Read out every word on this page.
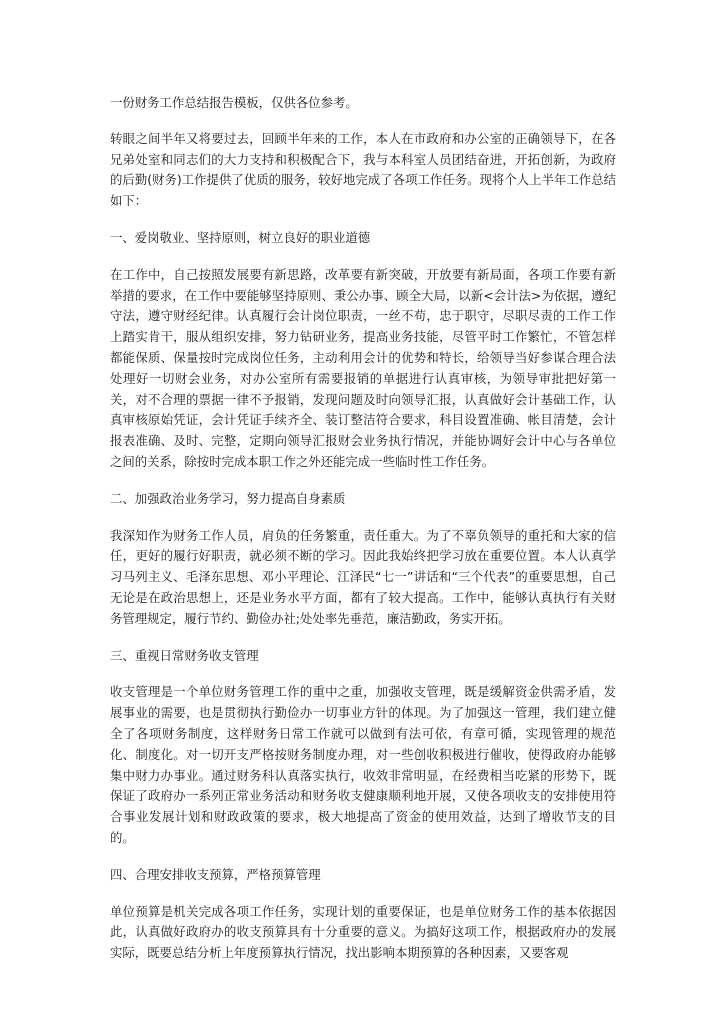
一份财务工作总结报告模板，仅供各位参考。

转眼之间半年又将要过去，回顾半年来的工作，本人在市政府和办公室的正确领导下，在各兄弟处室和同志们的大力支持和积极配合下，我与本科室人员团结奋进，开拓创新，为政府的后勤(财务)工作提供了优质的服务，较好地完成了各项工作任务。现将个人上半年工作总结如下：

一、爱岗敬业、坚持原则，树立良好的职业道德

在工作中，自己按照发展要有新思路，改革要有新突破，开放要有新局面，各项工作要有新举措的要求，在工作中要能够坚持原则、秉公办事、顾全大局，以新<会计法>为依据，遵纪守法，遵守财经纪律。认真履行会计岗位职责，一丝不苟，忠于职守，尽职尽责的工作工作上踏实肯干，服从组织安排，努力钻研业务，提高业务技能，尽管平时工作繁忙，不管怎样都能保质、保量按时完成岗位任务，主动利用会计的优势和特长，给领导当好参谋合理合法处理好一切财会业务，对办公室所有需要报销的单据进行认真审核，为领导审批把好第一关，对不合理的票据一律不予报销，发现问题及时向领导汇报，认真做好会计基础工作，认真审核原始凭证，会计凭证手续齐全、装订整洁符合要求，科目设置准确、帐目清楚，会计报表准确、及时、完整，定期向领导汇报财会业务执行情况，并能协调好会计中心与各单位之间的关系，除按时完成本职工作之外还能完成一些临时性工作任务。

二、加强政治业务学习，努力提高自身素质

我深知作为财务工作人员，肩负的任务繁重，责任重大。为了不辜负领导的重托和大家的信任，更好的履行好职责，就必须不断的学习。因此我始终把学习放在重要位置。本人认真学习马列主义、毛泽东思想、邓小平理论、江泽民“七一”讲话和“三个代表”的重要思想，自己无论是在政治思想上，还是业务水平方面，都有了较大提高。工作中，能够认真执行有关财务管理规定，履行节约、勤俭办社;处处率先垂范，廉洁勤政，务实开拓。

三、重视日常财务收支管理

收支管理是一个单位财务管理工作的重中之重，加强收支管理，既是缓解资金供需矛盾，发展事业的需要，也是贯彻执行勤俭办一切事业方针的体现。为了加强这一管理，我们建立健全了各项财务制度，这样财务日常工作就可以做到有法可依，有章可循，实现管理的规范化、制度化。对一切开支严格按财务制度办理，对一些创收积极进行催收，使得政府办能够集中财力办事业。通过财务科认真落实执行，收效非常明显，在经费相当吃紧的形势下，既保证了政府办一系列正常业务活动和财务收支健康顺利地开展，又使各项收支的安排使用符合事业发展计划和财政政策的要求，极大地提高了资金的使用效益，达到了增收节支的目的。

四、合理安排收支预算，严格预算管理

单位预算是机关完成各项工作任务，实现计划的重要保证，也是单位财务工作的基本依据因此，认真做好政府办的收支预算具有十分重要的意义。为搞好这项工作，根据政府办的发展实际，既要总结分析上年度预算执行情况，找出影响本期预算的各种因素，又要客观
